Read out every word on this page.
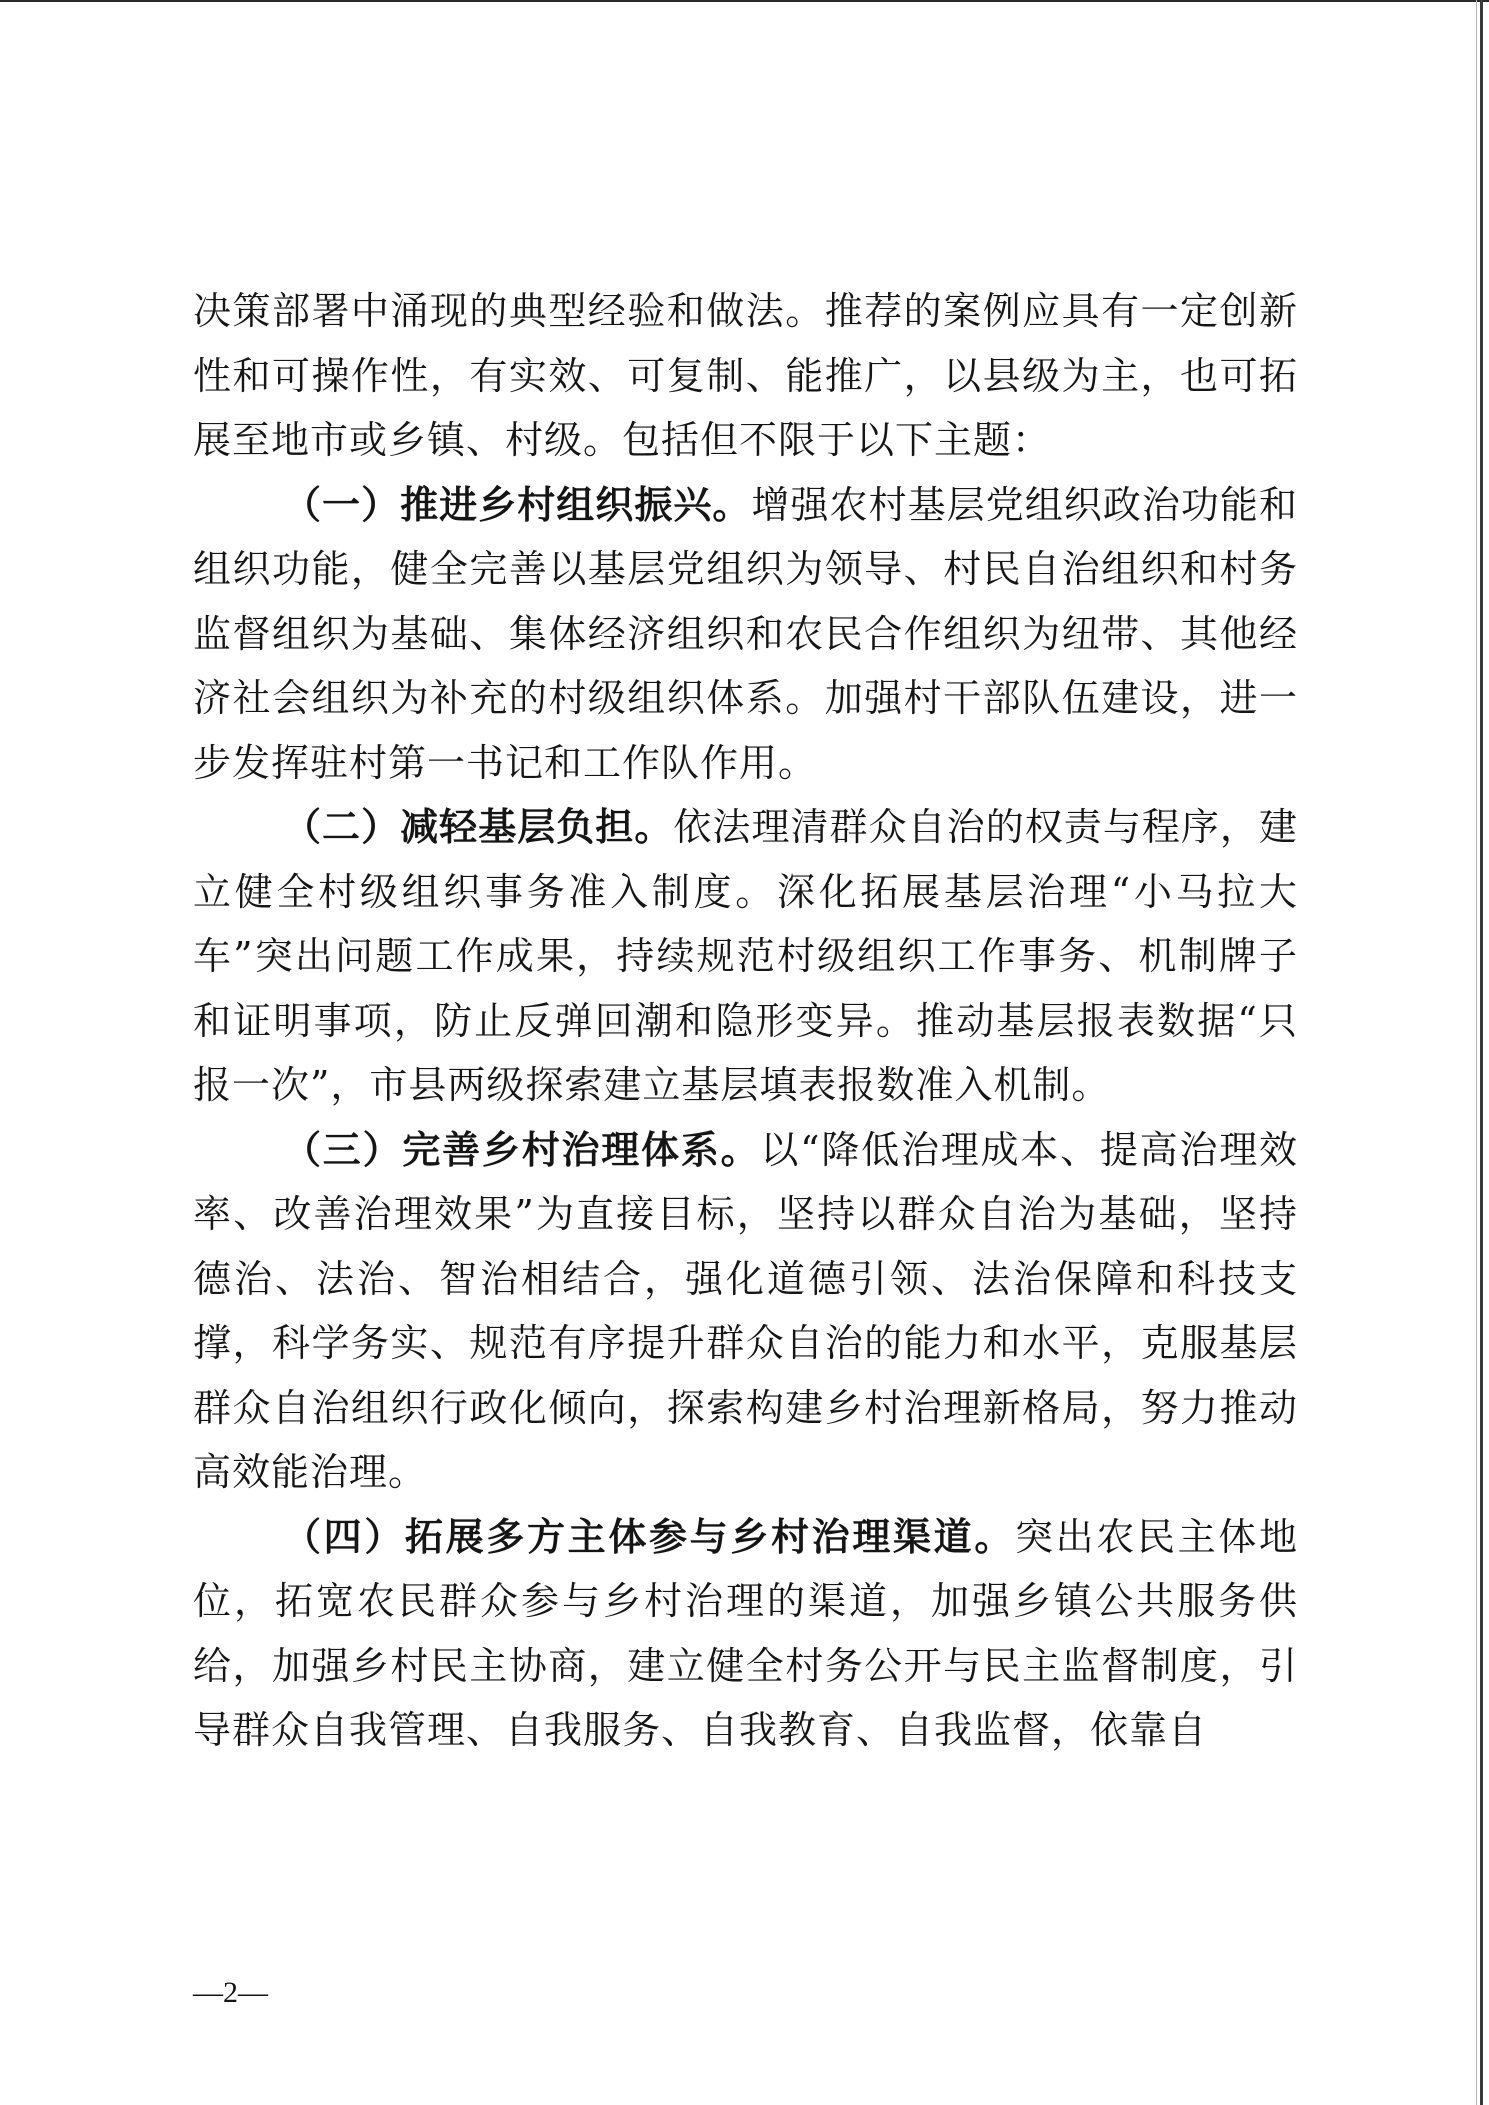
决策部署中涌现的典型经验和做法。推荐的案例应具有一定创新性和可操作性，有实效、可复制、能推广，以县级为主，也可拓展至地市或乡镇、村级。包括但不限于以下主题：

（一）推进乡村组织振兴。增强农村基层党组织政治功能和组织功能，健全完善以基层党组织为领导、村民自治组织和村务监督组织为基础、集体经济组织和农民合作组织为纽带、其他经济社会组织为补充的村级组织体系。加强村干部队伍建设，进一步发挥驻村第一书记和工作队作用。

（二）减轻基层负担。依法理清群众自治的权责与程序，建立健全村级组织事务准入制度。深化拓展基层治理“小马拉大车”突出问题工作成果，持续规范村级组织工作事务、机制牌子和证明事项，防止反弹回潮和隐形变异。推动基层报表数据“只报一次”，市县两级探索建立基层填表报数准入机制。

（三）完善乡村治理体系。以“降低治理成本、提高治理效率、改善治理效果”为直接目标，坚持以群众自治为基础，坚持德治、法治、智治相结合，强化道德引领、法治保障和科技支撑，科学务实、规范有序提升群众自治的能力和水平，克服基层群众自治组织行政化倾向，探索构建乡村治理新格局，努力推动高效能治理。

（四）拓展多方主体参与乡村治理渠道。突出农民主体地位，拓宽农民群众参与乡村治理的渠道，加强乡镇公共服务供给，加强乡村民主协商，建立健全村务公开与民主监督制度，引导群众自我管理、自我服务、自我教育、自我监督，依靠自

—2—
